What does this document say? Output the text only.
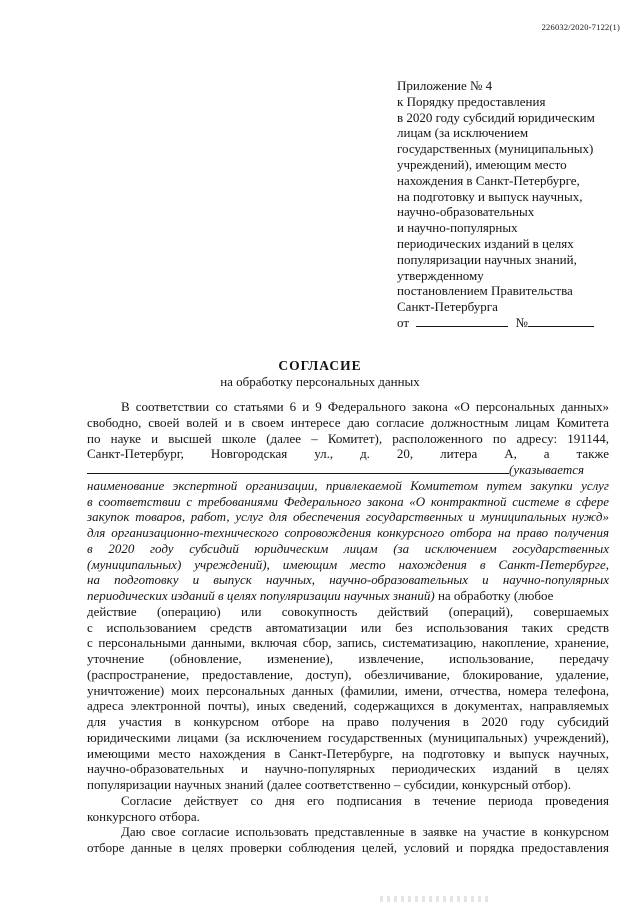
226032/2020-7122(1)
Приложение № 4
к Порядку предоставления
в 2020 году субсидий юридическим
лицам (за исключением
государственных (муниципальных)
учреждений), имеющим место
нахождения в Санкт-Петербурге,
на подготовку и выпуск научных,
научно-образовательных
и научно-популярных
периодических изданий в целях
популяризации научных знаний,
утвержденному
постановлением Правительства
Санкт-Петербурга
от	№
СОГЛАСИЕ
на обработку персональных данных
В соответствии со статьями 6 и 9 Федерального закона «О персональных данных»
свободно, своей волей и в своем интересе даю согласие должностным лицам Комитета
по науке и высшей школе (далее – Комитет), расположенного по адресу: 191144,
Санкт-Петербург, Новгородская ул., д. 20, литера А, а также
(указывается
наименование экспертной организации, привлекаемой Комитетом путем закупки услуг
в соответствии с требованиями Федерального закона «О контрактной системе в сфере
закупок товаров, работ, услуг для обеспечения государственных и муниципальных нужд»
для организационно-технического сопровождения конкурсного отбора на право получения
в 2020 году субсидий юридическим лицам (за исключением государственных
(муниципальных) учреждений), имеющим место нахождения в Санкт-Петербурге,
на подготовку и выпуск научных, научно-образовательных и научно-популярных
периодических изданий в целях популяризации научных знаний) на обработку (любое
действие (операцию) или совокупность действий (операций), совершаемых
с использованием средств автоматизации или без использования таких средств
с персональными данными, включая сбор, запись, систематизацию, накопление, хранение,
уточнение (обновление, изменение), извлечение, использование, передачу
(распространение, предоставление, доступ), обезличивание, блокирование, удаление,
уничтожение) моих персональных данных (фамилии, имени, отчества, номера телефона,
адреса электронной почты), иных сведений, содержащихся в документах, направляемых
для участия в конкурсном отборе на право получения в 2020 году субсидий
юридическими лицами (за исключением государственных (муниципальных) учреждений),
имеющими место нахождения в Санкт-Петербурге, на подготовку и выпуск научных,
научно-образовательных и научно-популярных периодических изданий в целях
популяризации научных знаний (далее соответственно – субсидии, конкурсный отбор).
Согласие действует со дня его подписания в течение периода проведения
конкурсного отбора.
Даю свое согласие использовать представленные в заявке на участие в конкурсном
отборе данные в целях проверки соблюдения целей, условий и порядка предоставления
